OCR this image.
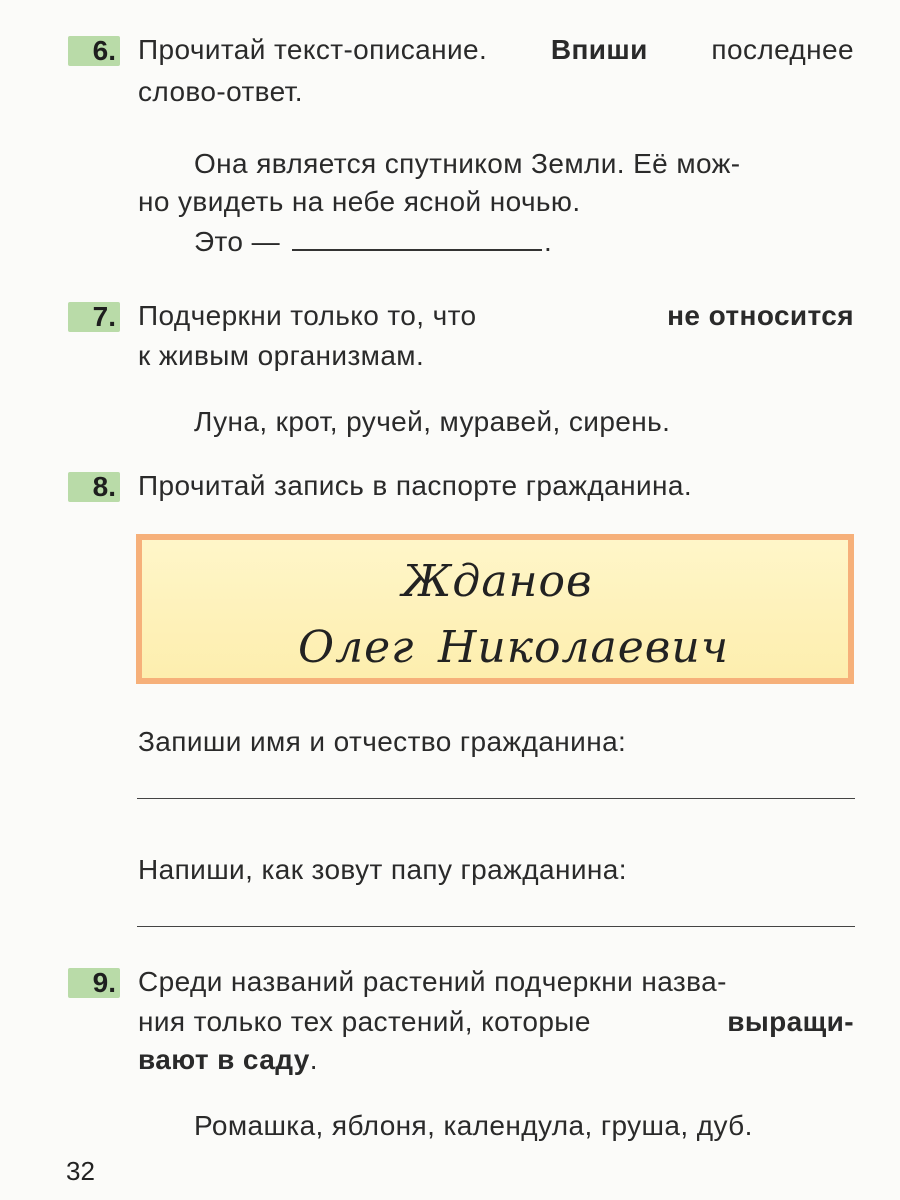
6. Прочитай текст-описание. Впиши последнее
слово-ответ.
Она является спутником Земли. Её мож-
но увидеть на небе ясной ночью.
Это —	.
7. Подчеркни только то, что	не относится
к живым организмам.
Луна, крот, ручей, муравей, сирень.
8. Прочитай запись в паспорте гражданина.
Жданов
Олег Николаевич
Запиши имя и отчество гражданина:
Напиши, как зовут папу гражданина:
9. Среди названий растений подчеркни назва-
ния только тех растений, которые	выращи-
вают в саду.
Ромашка, яблоня, календула, груша, дуб.
32
